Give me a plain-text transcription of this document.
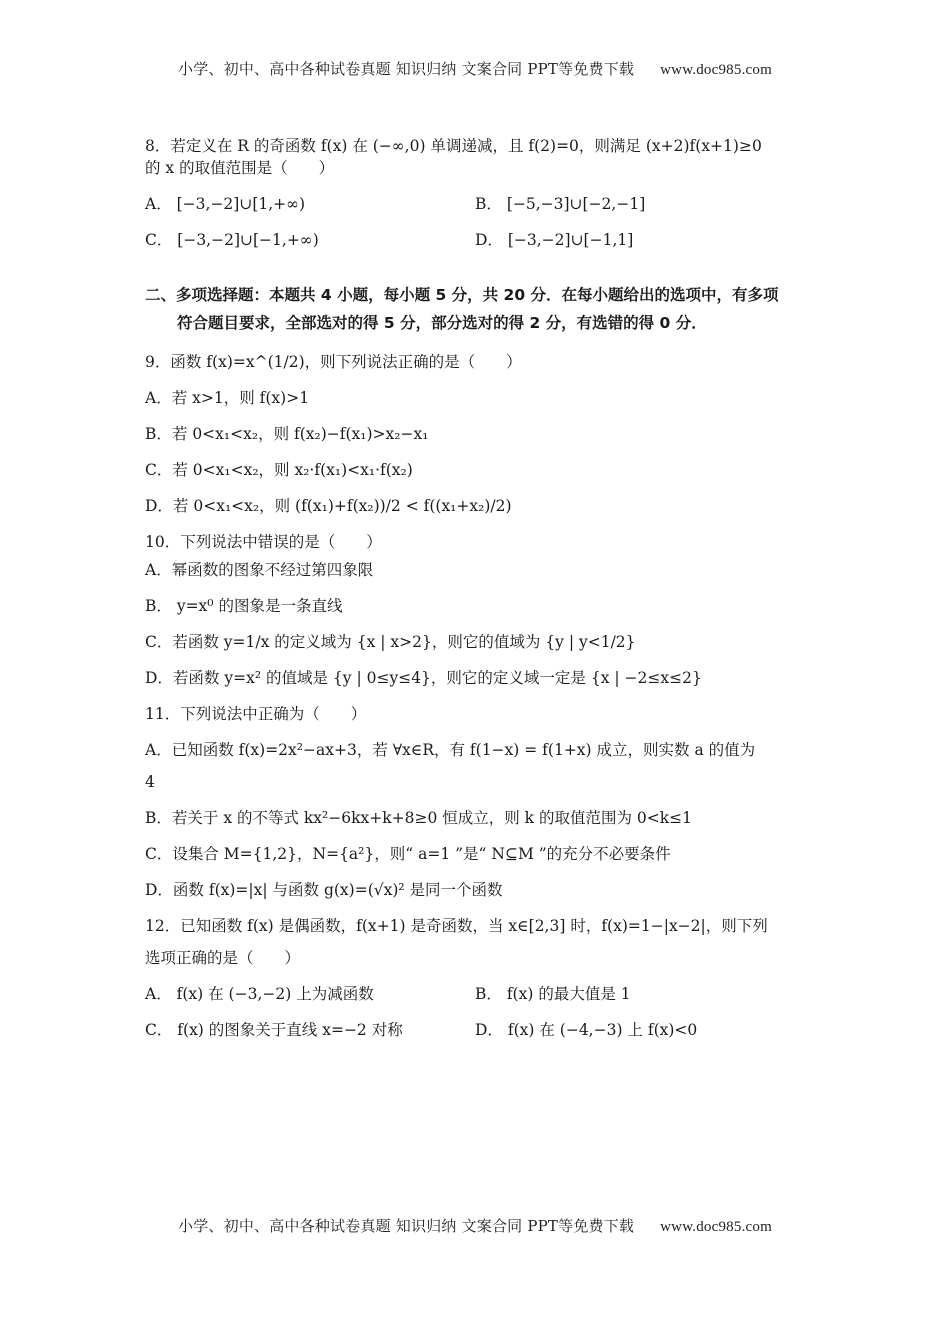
小学、初中、高中各种试卷真题 知识归纳 文案合同 PPT等免费下载 www.doc985.com
8．若定义在 R 的奇函数 f(x) 在 (−∞,0) 单调递减，且 f(2)=0，则满足 (x+2)f(x+1)≥0
的 x 的取值范围是（　　）
A． [−3,−2]∪[1,+∞)	B． [−5,−3]∪[−2,−1]
C． [−3,−2]∪[−1,+∞)	D． [−3,−2]∪[−1,1]
二、多项选择题：本题共 4 小题，每小题 5 分，共 20 分．在每小题给出的选项中，有多项
符合题目要求，全部选对的得 5 分，部分选对的得 2 分，有选错的得 0 分．
9．函数 f(x)=x^(1/2)，则下列说法正确的是（　　）
A．若 x>1，则 f(x)>1
B．若 0<x₁<x₂，则 f(x₂)−f(x₁)>x₂−x₁
C．若 0<x₁<x₂，则 x₂·f(x₁)<x₁·f(x₂)
D．若 0<x₁<x₂，则 (f(x₁)+f(x₂))/2 < f((x₁+x₂)/2)
10．下列说法中错误的是（　　）
A．幂函数的图象不经过第四象限
B． y=x⁰ 的图象是一条直线
C．若函数 y=1/x 的定义域为 {x | x>2}，则它的值域为 {y | y<1/2}
D．若函数 y=x² 的值域是 {y | 0≤y≤4}，则它的定义域一定是 {x | −2≤x≤2}
11．下列说法中正确为（　　）
A．已知函数 f(x)=2x²−ax+3，若 ∀x∈R，有 f(1−x) = f(1+x) 成立，则实数 a 的值为
4
B．若关于 x 的不等式 kx²−6kx+k+8≥0 恒成立，则 k 的取值范围为 0<k≤1
C．设集合 M={1,2}，N={a²}，则“ a=1 ”是“ N⊆M ”的充分不必要条件
D．函数 f(x)=|x| 与函数 g(x)=(√x)² 是同一个函数
12．已知函数 f(x) 是偶函数，f(x+1) 是奇函数，当 x∈[2,3] 时，f(x)=1−|x−2|，则下列
选项正确的是（　　）
A． f(x) 在 (−3,−2) 上为减函数	B． f(x) 的最大值是 1
C． f(x) 的图象关于直线 x=−2 对称	D． f(x) 在 (−4,−3) 上 f(x)<0
小学、初中、高中各种试卷真题 知识归纳 文案合同 PPT等免费下载 www.doc985.com
